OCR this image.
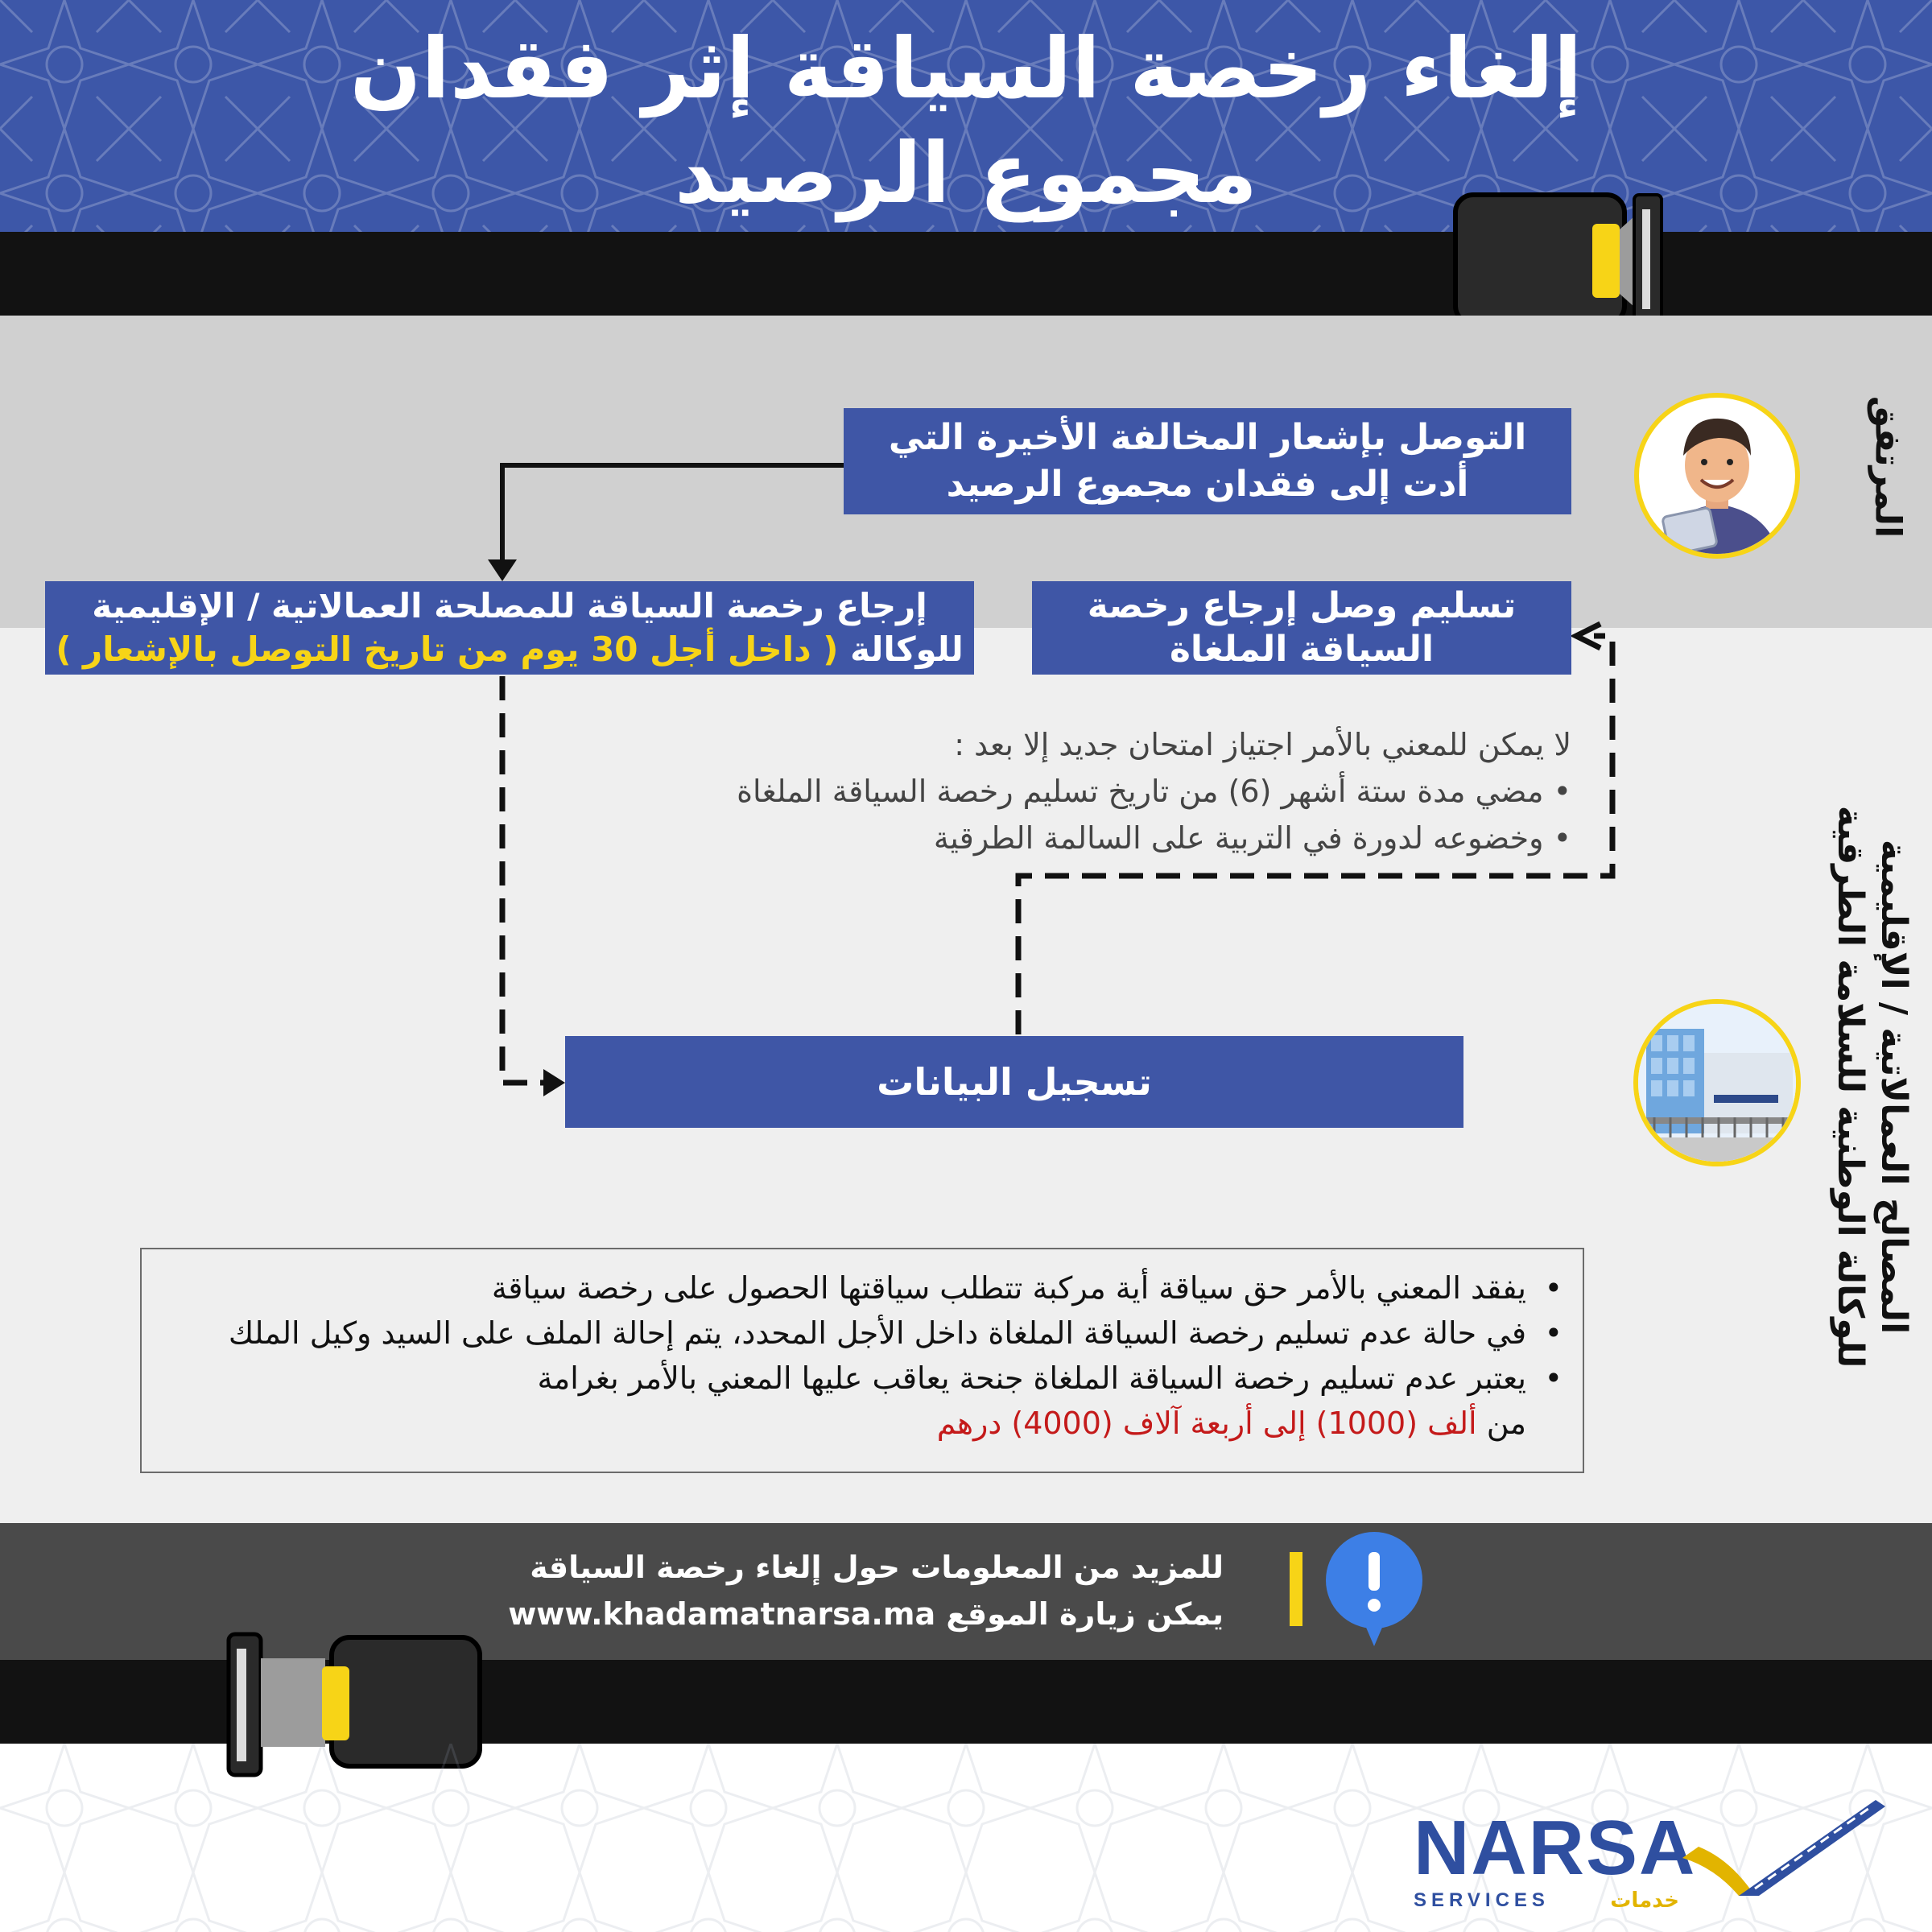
إلغاء رخصة السياقة إثر فقدان
مجموع الرصيد
المرتفق
المصالح العمالاتية / الإقليمية
للوكالة الوطنية للسلامة الطرقية
التوصل بإشعار المخالفة الأخيرة التي
أدت إلى فقدان مجموع الرصيد
إرجاع رخصة السياقة للمصلحة العمالاتية / الإقليمية
للوكالة ( داخل أجل 30 يوم من تاريخ التوصل بالإشعار )
تسليم وصل إرجاع رخصة
السياقة الملغاة
تسجيل البيانات
لا يمكن للمعني بالأمر اجتياز امتحان جديد إلا بعد :
• مضي مدة ستة أشهر (6) من تاريخ تسليم رخصة السياقة الملغاة
• وخضوعه لدورة في التربية على السالمة الطرقية
• يفقد المعني بالأمر حق سياقة أية مركبة تتطلب سياقتها الحصول على رخصة سياقة
• في حالة عدم تسليم رخصة السياقة الملغاة داخل الأجل المحدد، يتم إحالة الملف على السيد وكيل الملك
• يعتبر عدم تسليم رخصة السياقة الملغاة جنحة يعاقب عليها المعني بالأمر بغرامة
من ألف (1000) إلى أربعة آلاف (4000) درهم
للمزيد من المعلومات حول إلغاء رخصة السياقة
يمكن زيارة الموقع www.khadamatnarsa.ma
NARSA
SERVICES	خدمات
